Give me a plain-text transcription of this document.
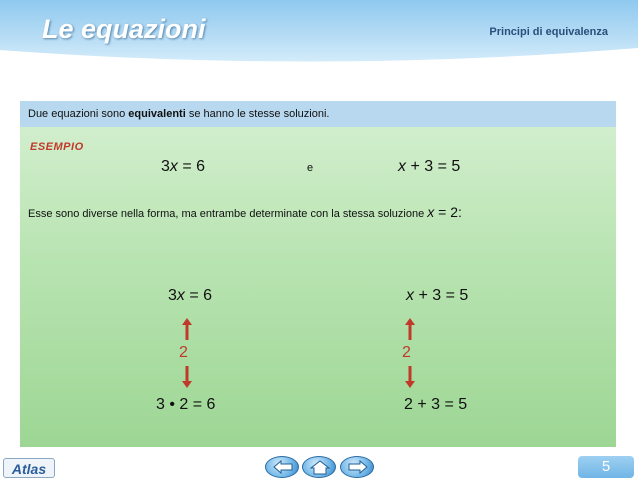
Le equazioni	Principi di equivalenza
Due equazioni sono equivalenti se hanno le stesse soluzioni.
ESEMPIO
3x = 6	e	x + 3 = 5
Esse sono diverse nella forma, ma entrambe determinate con la stessa soluzione x = 2:
3x = 6
2
3 • 2 = 6
x + 3 = 5
2
2 + 3 = 5
Atlas	5
